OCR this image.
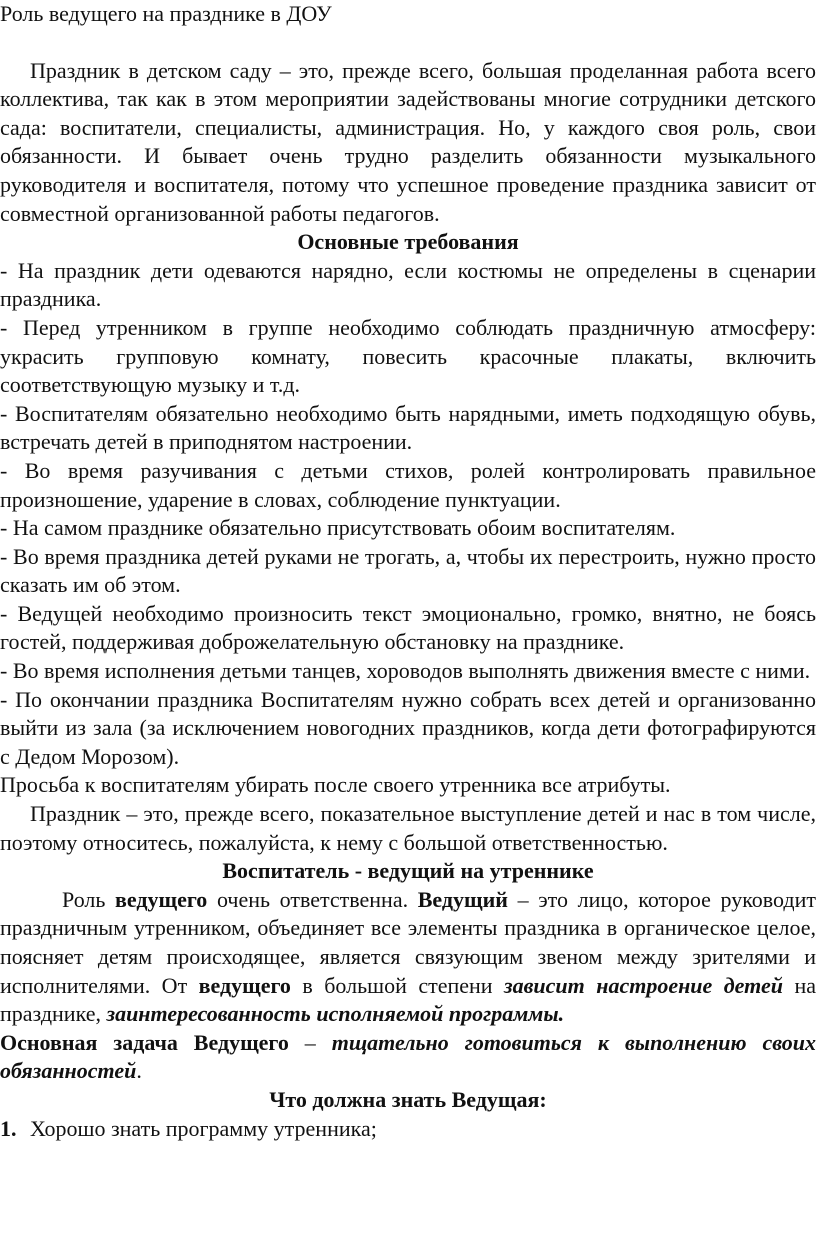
Роль ведущего на празднике в ДОУ

Праздник в детском саду – это, прежде всего, большая проделанная работа всего коллектива, так как в этом мероприятии задействованы многие сотрудники детского сада: воспитатели, специалисты, администрация. Но, у каждого своя роль, свои обязанности. И бывает очень трудно разделить обязанности музыкального руководителя и воспитателя, потому что успешное проведение праздника зависит от совместной организованной работы педагогов.

Основные требования

- На праздник дети одеваются нарядно, если костюмы не определены в сценарии праздника.

- Перед утренником в группе необходимо соблюдать праздничную атмосферу: украсить групповую комнату, повесить красочные плакаты, включить соответствующую музыку и т.д.

- Воспитателям обязательно необходимо быть нарядными, иметь подходящую обувь, встречать детей в приподнятом настроении.

- Во время разучивания с детьми стихов, ролей контролировать правильное произношение, ударение в словах, соблюдение пунктуации.

- На самом празднике обязательно присутствовать обоим воспитателям.

- Во время праздника детей руками не трогать, а, чтобы их перестроить, нужно просто сказать им об этом.

- Ведущей необходимо произносить текст эмоционально, громко, внятно, не боясь гостей, поддерживая доброжелательную обстановку на празднике.

- Во время исполнения детьми танцев, хороводов выполнять движения вместе с ними.

- По окончании праздника Воспитателям нужно собрать всех детей и организованно выйти из зала (за исключением новогодних праздников, когда дети фотографируются с Дедом Морозом).

Просьба к воспитателям убирать после своего утренника все атрибуты.

Праздник – это, прежде всего, показательное выступление детей и нас в том числе, поэтому относитесь, пожалуйста, к нему с большой ответственностью.

Воспитатель - ведущий на утреннике

Роль ведущего очень ответственна. Ведущий – это лицо, которое руководит праздничным утренником, объединяет все элементы праздника в органическое целое, поясняет детям происходящее, является связующим звеном между зрителями и исполнителями. От ведущего в большой степени зависит настроение детей на празднике, заинтересованность исполняемой программы.

Основная задача Ведущего – тщательно готовиться к выполнению своих обязанностей.

Что должна знать Ведущая:

1. Хорошо знать программу утренника;
